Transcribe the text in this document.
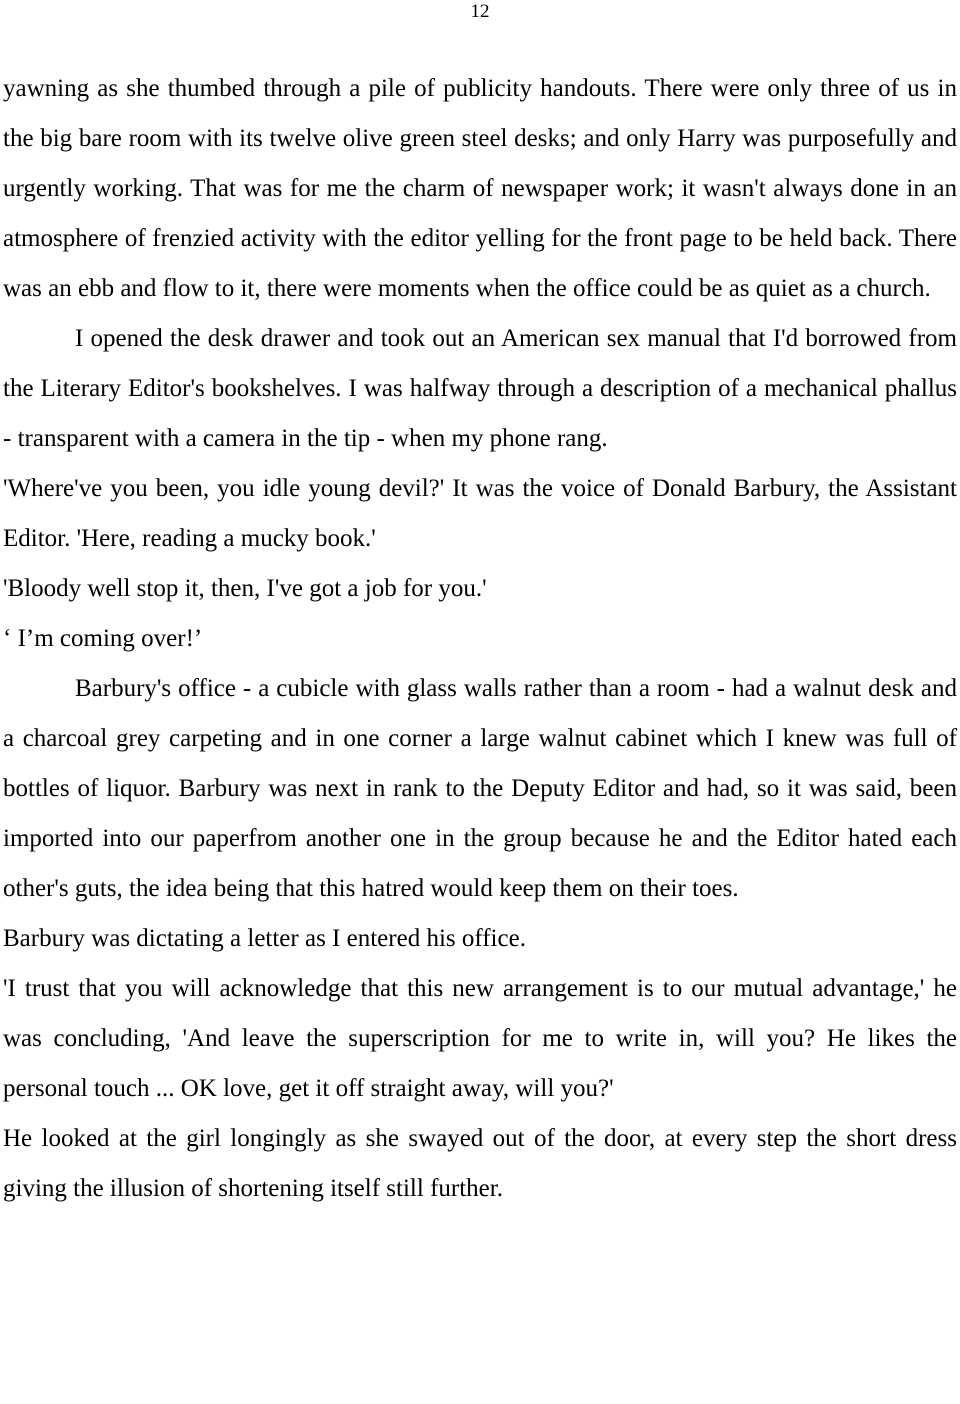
12

yawning as she thumbed through a pile of publicity handouts. There were only three of us in the big bare room with its twelve olive green steel desks; and only Harry was purposefully and urgently working. That was for me the charm of newspaper work; it wasn't always done in an atmosphere of frenzied activity with the editor yelling for the front page to be held back. There was an ebb and flow to it, there were moments when the office could be as quiet as a church.

I opened the desk drawer and took out an American sex manual that I'd borrowed from the Literary Editor's bookshelves. I was halfway through a description of a mechanical phallus - transparent with a camera in the tip - when my phone rang.

'Where've you been, you idle young devil?' It was the voice of Donald Barbury, the Assistant Editor. 'Here, reading a mucky book.'

'Bloody well stop it, then, I've got a job for you.'

‘ I’m coming over!’

Barbury's office - a cubicle with glass walls rather than a room - had a walnut desk and a charcoal grey carpeting and in one corner a large walnut cabinet which I knew was full of bottles of liquor. Barbury was next in rank to the Deputy Editor and had, so it was said, been imported into our paperfrom another one in the group because he and the Editor hated each other's guts, the idea being that this hatred would keep them on their toes.

Barbury was dictating a letter as I entered his office.

'I trust that you will acknowledge that this new arrangement is to our mutual advantage,' he was concluding, 'And leave the superscription for me to write in, will you? He likes the personal touch ... OK love, get it off straight away, will you?'

He looked at the girl longingly as she swayed out of the door, at every step the short dress giving the illusion of shortening itself still further.
